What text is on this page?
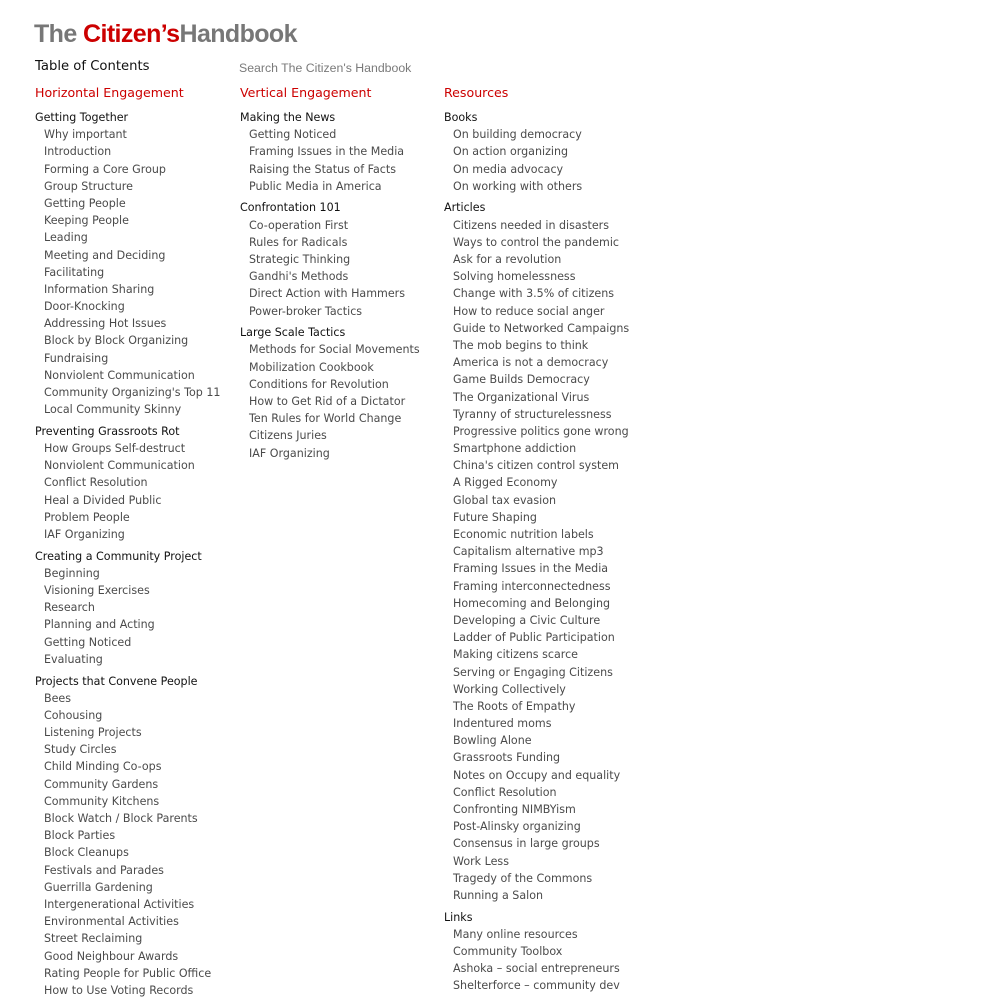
The Citizen’sHandbook
Table of Contents
Search The Citizen's Handbook
Horizontal Engagement
Getting Together
Why important
Introduction
Forming a Core Group
Group Structure
Getting People
Keeping People
Leading
Meeting and Deciding
Facilitating
Information Sharing
Door-Knocking
Addressing Hot Issues
Block by Block Organizing
Fundraising
Nonviolent Communication
Community Organizing's Top 11
Local Community Skinny
Preventing Grassroots Rot
How Groups Self-destruct
Nonviolent Communication
Conflict Resolution
Heal a Divided Public
Problem People
IAF Organizing
Creating a Community Project
Beginning
Visioning Exercises
Research
Planning and Acting
Getting Noticed
Evaluating
Projects that Convene People
Bees
Cohousing
Listening Projects
Study Circles
Child Minding Co-ops
Community Gardens
Community Kitchens
Block Watch / Block Parents
Block Parties
Block Cleanups
Festivals and Parades
Guerrilla Gardening
Intergenerational Activities
Environmental Activities
Street Reclaiming
Good Neighbour Awards
Rating People for Public Office
How to Use Voting Records
Vertical Engagement
Making the News
Getting Noticed
Framing Issues in the Media
Raising the Status of Facts
Public Media in America
Confrontation 101
Co-operation First
Rules for Radicals
Strategic Thinking
Gandhi's Methods
Direct Action with Hammers
Power-broker Tactics
Large Scale Tactics
Methods for Social Movements
Mobilization Cookbook
Conditions for Revolution
How to Get Rid of a Dictator
Ten Rules for World Change
Citizens Juries
IAF Organizing
Resources
Books
On building democracy
On action organizing
On media advocacy
On working with others
Articles
Citizens needed in disasters
Ways to control the pandemic
Ask for a revolution
Solving homelessness
Change with 3.5% of citizens
How to reduce social anger
Guide to Networked Campaigns
The mob begins to think
America is not a democracy
Game Builds Democracy
The Organizational Virus
Tyranny of structurelessness
Progressive politics gone wrong
Smartphone addiction
China's citizen control system
A Rigged Economy
Global tax evasion
Future Shaping
Economic nutrition labels
Capitalism alternative mp3
Framing Issues in the Media
Framing interconnectedness
Homecoming and Belonging
Developing a Civic Culture
Ladder of Public Participation
Making citizens scarce
Serving or Engaging Citizens
Working Collectively
The Roots of Empathy
Indentured moms
Bowling Alone
Grassroots Funding
Notes on Occupy and equality
Conflict Resolution
Confronting NIMBYism
Post-Alinsky organizing
Consensus in large groups
Work Less
Tragedy of the Commons
Running a Salon
Links
Many online resources
Community Toolbox
Ashoka – social entrepreneurs
Shelterforce – community dev
